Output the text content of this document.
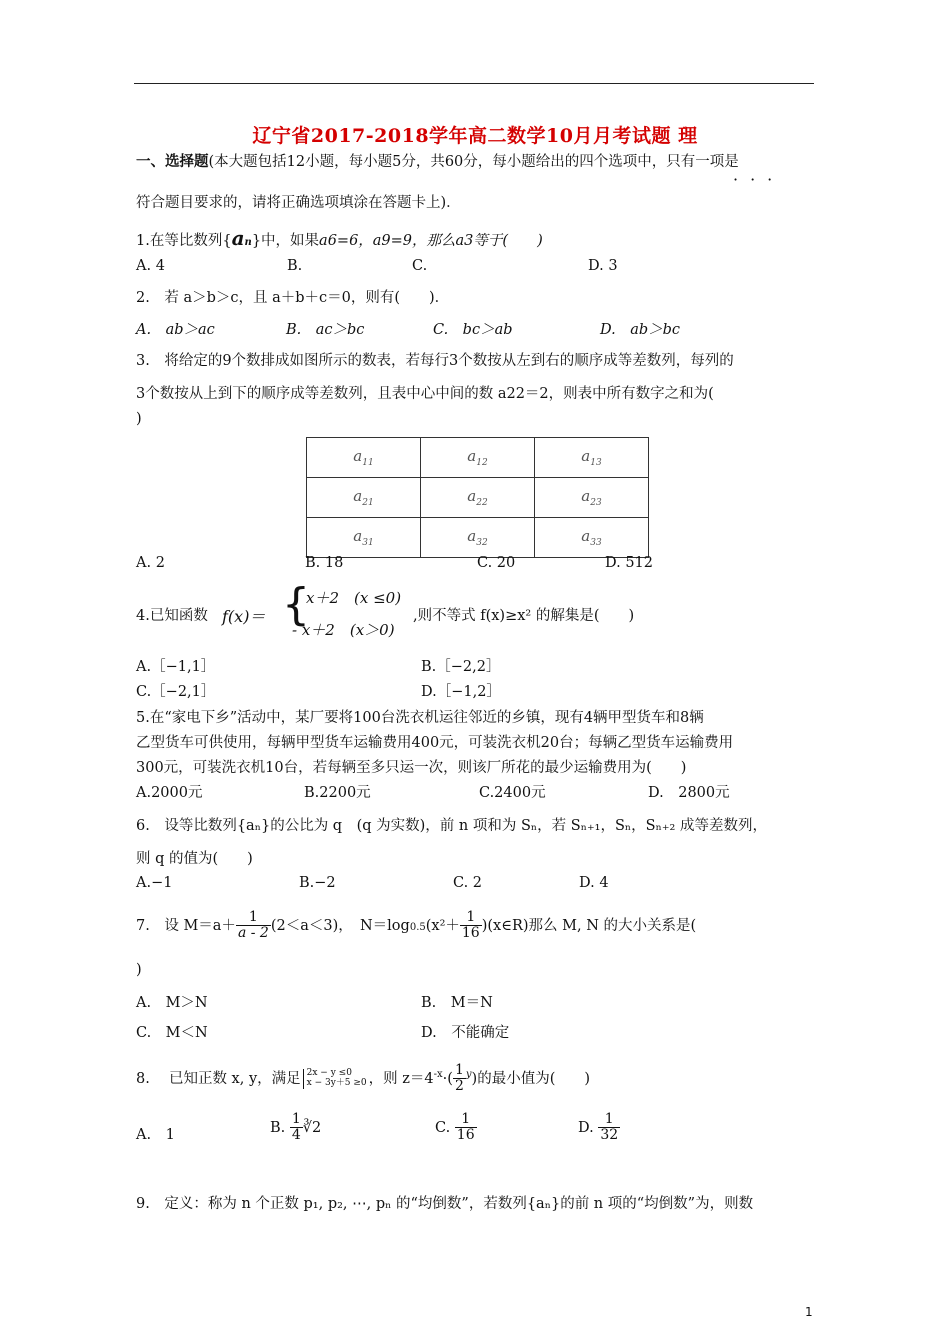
辽宁省2017-2018学年高二数学10月月考试题 理
一、选择题(本大题包括12小题，每小题5分，共60分，每小题给出的四个选项中，只有一项是
···
符合题目要求的，请将正确选项填涂在答题卡上)．
1.在等比数列{an}中，如果a6=6，a9=9，那么a3等于(　　)
A. 4	B.	C.	D. 3
2.　若 a＞b＞c，且 a＋b＋c＝0，则有(　　)．
A.　ab＞ac	B.　ac＞bc	C.　bc＞ab	D.　ab＞bc
3.　将给定的9个数排成如图所示的数表，若每行3个数按从左到右的顺序成等差数列，每列的
3个数按从上到下的顺序成等差数列，且表中心中间的数 a22＝2，则表中所有数字之和为(
)
$a_{11}$	$a_{12}$	$a_{13}$
$a_{21}$	$a_{22}$	$a_{23}$
$a_{31}$	$a_{32}$	$a_{33}$
A. 2	B. 18	C. 20	D. 512
4.已知函数 f(x)＝ {
x＋2　(x ≤0)
- x＋2　(x＞0)
,则不等式 f(x)≥x² 的解集是(　　)
A.［−1,1］	B.［−2,2］
C.［−2,1］	D.［−1,2］
5.在“家电下乡”活动中，某厂要将100台洗衣机运往邻近的乡镇，现有4辆甲型货车和8辆
乙型货车可供使用，每辆甲型货车运输费用400元，可装洗衣机20台；每辆乙型货车运输费用
300元，可装洗衣机10台，若每辆至多只运一次，则该厂所花的最少运输费用为(　　)
A.2000元	B.2200元	C.2400元	D.　2800元
6.　设等比数列{aₙ}的公比为 q　(q 为实数)，前 n 项和为 Sₙ，若 Sₙ₊₁，Sₙ，Sₙ₊₂ 成等差数列，
则 q 的值为(　　)
A.−1	B.−2	C. 2	D. 4
7.　设 $M=a+ \frac{1}{a - 2} (2<a<3)$，　$N=\log 0.5(x^2+ \frac{1}{16}$ )(x∈R)那么 M, N 的大小关系是(
)
A.　M＞N	B.　M＝N
C.　M＜N	D.　不能确定
8.　 已知正数 x, y，满足 2x − y ≤0
x − 3y＋5 ≥0 ，则 $z=4^{-x}\cdot( \frac{1}{2} ^y)$的最小值为(　　)
A.　1	B. $\frac{1}{4}$ ∛2	C. $\frac{1}{16}$	D. $\frac{1}{32}$
9.　定义：称为 n 个正数 p₁, p₂, ⋯, pₙ 的“均倒数”，若数列{aₙ}的前 n 项的“均倒数”为，则数
1
